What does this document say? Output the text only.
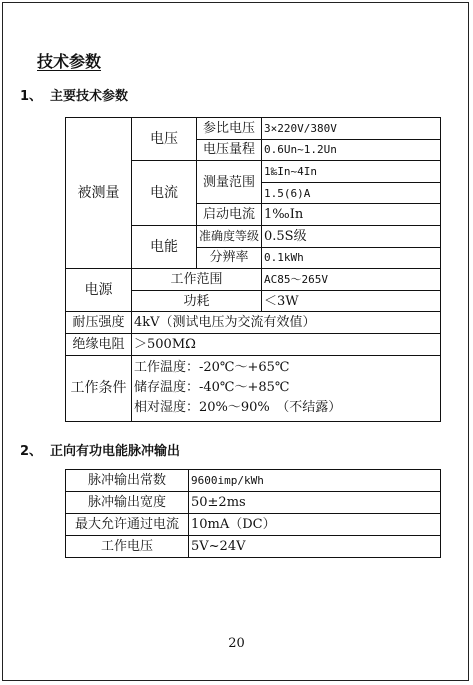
技术参数
1、 主要技术参数
被测量	电压	参比电压	3×220V/380V
		电压量程	0.6Un~1.2Un
	电流	测量范围	1‰In~4In
			1.5(6)A
		启动电流	1‰In
	电能	准确度等级	0.5S级
		分辨率	0.1kWh
电源	工作范围		AC85～265V
	功耗		＜3W
耐压强度	4kV（测试电压为交流有效值）		
绝缘电阻	＞500MΩ		
工作条件	工作温度：-20℃～+65℃
储存温度：-40℃～+85℃
相对湿度：20%～90%　（不结露）		
2、 正向有功电能脉冲输出
脉冲输出常数	9600imp/kWh
脉冲输出宽度	50±2ms
最大允许通过电流	10mA（DC）
工作电压	5V~24V
20
